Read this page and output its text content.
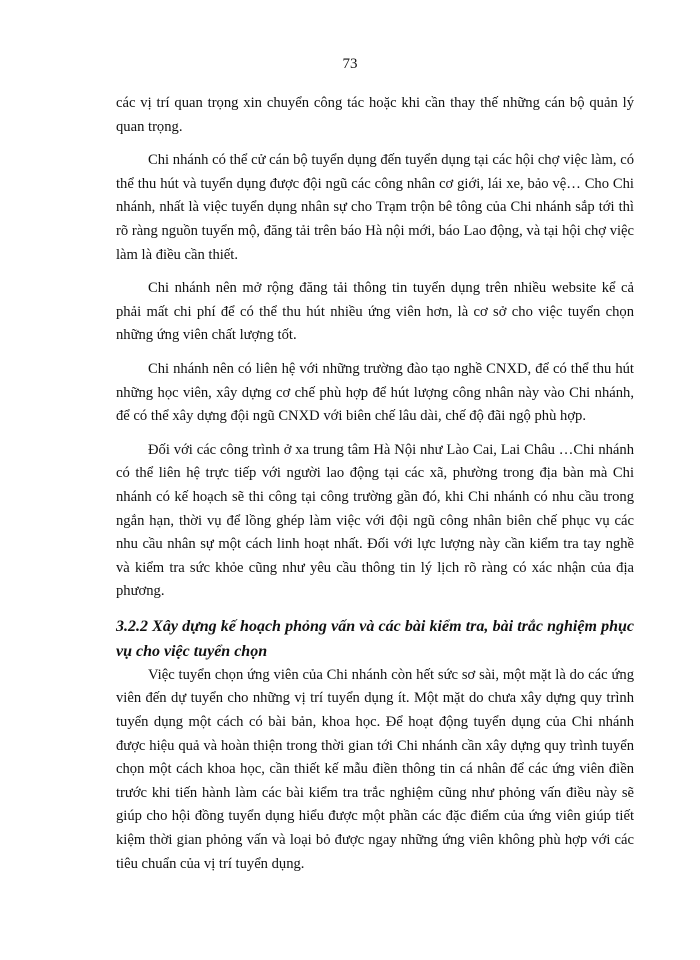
73

các vị trí quan trọng xin chuyển công tác hoặc khi cần thay thế những cán bộ quản lý quan trọng.

Chi nhánh có thể cử cán bộ tuyển dụng đến tuyển dụng tại các hội chợ việc làm, có thể thu hút và tuyển dụng được đội ngũ các công nhân cơ giới, lái xe, bảo vệ… Cho Chi nhánh, nhất là việc tuyển dụng nhân sự cho Trạm trộn bê tông của Chi nhánh sắp tới thì rõ ràng nguồn tuyển mộ, đăng tải trên báo Hà nội mới, báo Lao động, và tại hội chợ việc làm là điều cần thiết.

Chi nhánh nên mở rộng đăng tải thông tin tuyển dụng trên nhiều website kể cả phải mất chi phí để có thể thu hút nhiều ứng viên hơn, là cơ sở cho việc tuyển chọn những ứng viên chất lượng tốt.

Chi nhánh nên có liên hệ với những trường đào tạo nghề CNXD, để có thể thu hút những học viên, xây dựng cơ chế phù hợp để hút lượng công nhân này vào Chi nhánh, để có thể xây dựng đội ngũ CNXD với biên chế lâu dài, chế độ đãi ngộ phù hợp.

Đối với các công trình ở xa trung tâm Hà Nội như Lào Cai, Lai Châu …Chi nhánh có thể liên hệ trực tiếp với người lao động tại các xã, phường trong địa bàn mà Chi nhánh có kế hoạch sẽ thi công tại công trường gần đó, khi Chi nhánh có nhu cầu trong ngắn hạn, thời vụ để lồng ghép làm việc với đội ngũ công nhân biên chế phục vụ các nhu cầu nhân sự một cách linh hoạt nhất. Đối với lực lượng này cần kiểm tra tay nghề và kiểm tra sức khỏe cũng như yêu cầu thông tin lý lịch rõ ràng có xác nhận của địa phương.

3.2.2 Xây dựng kế hoạch phỏng vấn và các bài kiểm tra, bài trắc nghiệm phục vụ cho việc tuyển chọn

Việc tuyển chọn ứng viên của Chi nhánh còn hết sức sơ sài, một mặt là do các ứng viên đến dự tuyển cho những vị trí tuyển dụng ít. Một mặt do chưa xây dựng quy trình tuyển dụng một cách có bài bản, khoa học. Để hoạt động tuyển dụng của Chi nhánh được hiệu quả và hoàn thiện trong thời gian tới Chi nhánh cần xây dựng quy trình tuyển chọn một cách khoa học, cần thiết kế mẫu điền thông tin cá nhân để các ứng viên điền trước khi tiến hành làm các bài kiểm tra trắc nghiệm cũng như phỏng vấn điều này sẽ giúp cho hội đồng tuyển dụng hiểu được một phần các đặc điểm của ứng viên giúp tiết kiệm thời gian phỏng vấn và loại bỏ được ngay những ứng viên không phù hợp với các tiêu chuẩn của vị trí tuyển dụng.
